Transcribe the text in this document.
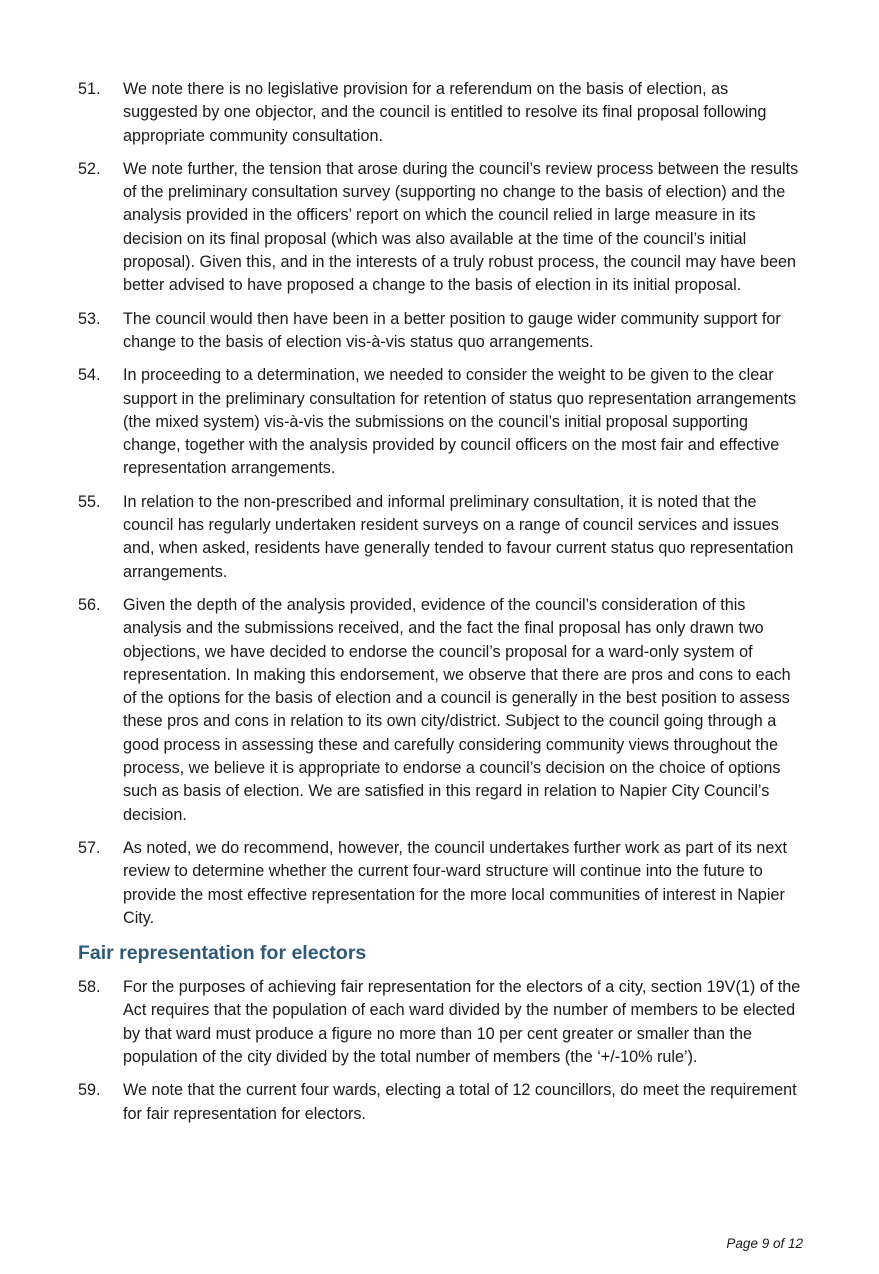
51.	We note there is no legislative provision for a referendum on the basis of election, as suggested by one objector, and the council is entitled to resolve its final proposal following appropriate community consultation.
52.	We note further, the tension that arose during the council’s review process between the results of the preliminary consultation survey (supporting no change to the basis of election) and the analysis provided in the officers’ report on which the council relied in large measure in its decision on its final proposal (which was also available at the time of the council’s initial proposal). Given this, and in the interests of a truly robust process, the council may have been better advised to have proposed a change to the basis of election in its initial proposal.
53.	The council would then have been in a better position to gauge wider community support for change to the basis of election vis-à-vis status quo arrangements.
54.	In proceeding to a determination, we needed to consider the weight to be given to the clear support in the preliminary consultation for retention of status quo representation arrangements (the mixed system) vis-à-vis the submissions on the council’s initial proposal supporting change, together with the analysis provided by council officers on the most fair and effective representation arrangements.
55.	In relation to the non-prescribed and informal preliminary consultation, it is noted that the council has regularly undertaken resident surveys on a range of council services and issues and, when asked, residents have generally tended to favour current status quo representation arrangements.
56.	Given the depth of the analysis provided, evidence of the council’s consideration of this analysis and the submissions received, and the fact the final proposal has only drawn two objections, we have decided to endorse the council’s proposal for a ward-only system of representation. In making this endorsement, we observe that there are pros and cons to each of the options for the basis of election and a council is generally in the best position to assess these pros and cons in relation to its own city/district. Subject to the council going through a good process in assessing these and carefully considering community views throughout the process, we believe it is appropriate to endorse a council’s decision on the choice of options such as basis of election. We are satisfied in this regard in relation to Napier City Council’s decision.
57.	As noted, we do recommend, however, the council undertakes further work as part of its next review to determine whether the current four-ward structure will continue into the future to provide the most effective representation for the more local communities of interest in Napier City.
Fair representation for electors
58.	For the purposes of achieving fair representation for the electors of a city, section 19V(1) of the Act requires that the population of each ward divided by the number of members to be elected by that ward must produce a figure no more than 10 per cent greater or smaller than the population of the city divided by the total number of members (the ‘+/-10% rule’).
59.	We note that the current four wards, electing a total of 12 councillors, do meet the requirement for fair representation for electors.
Page 9 of 12
